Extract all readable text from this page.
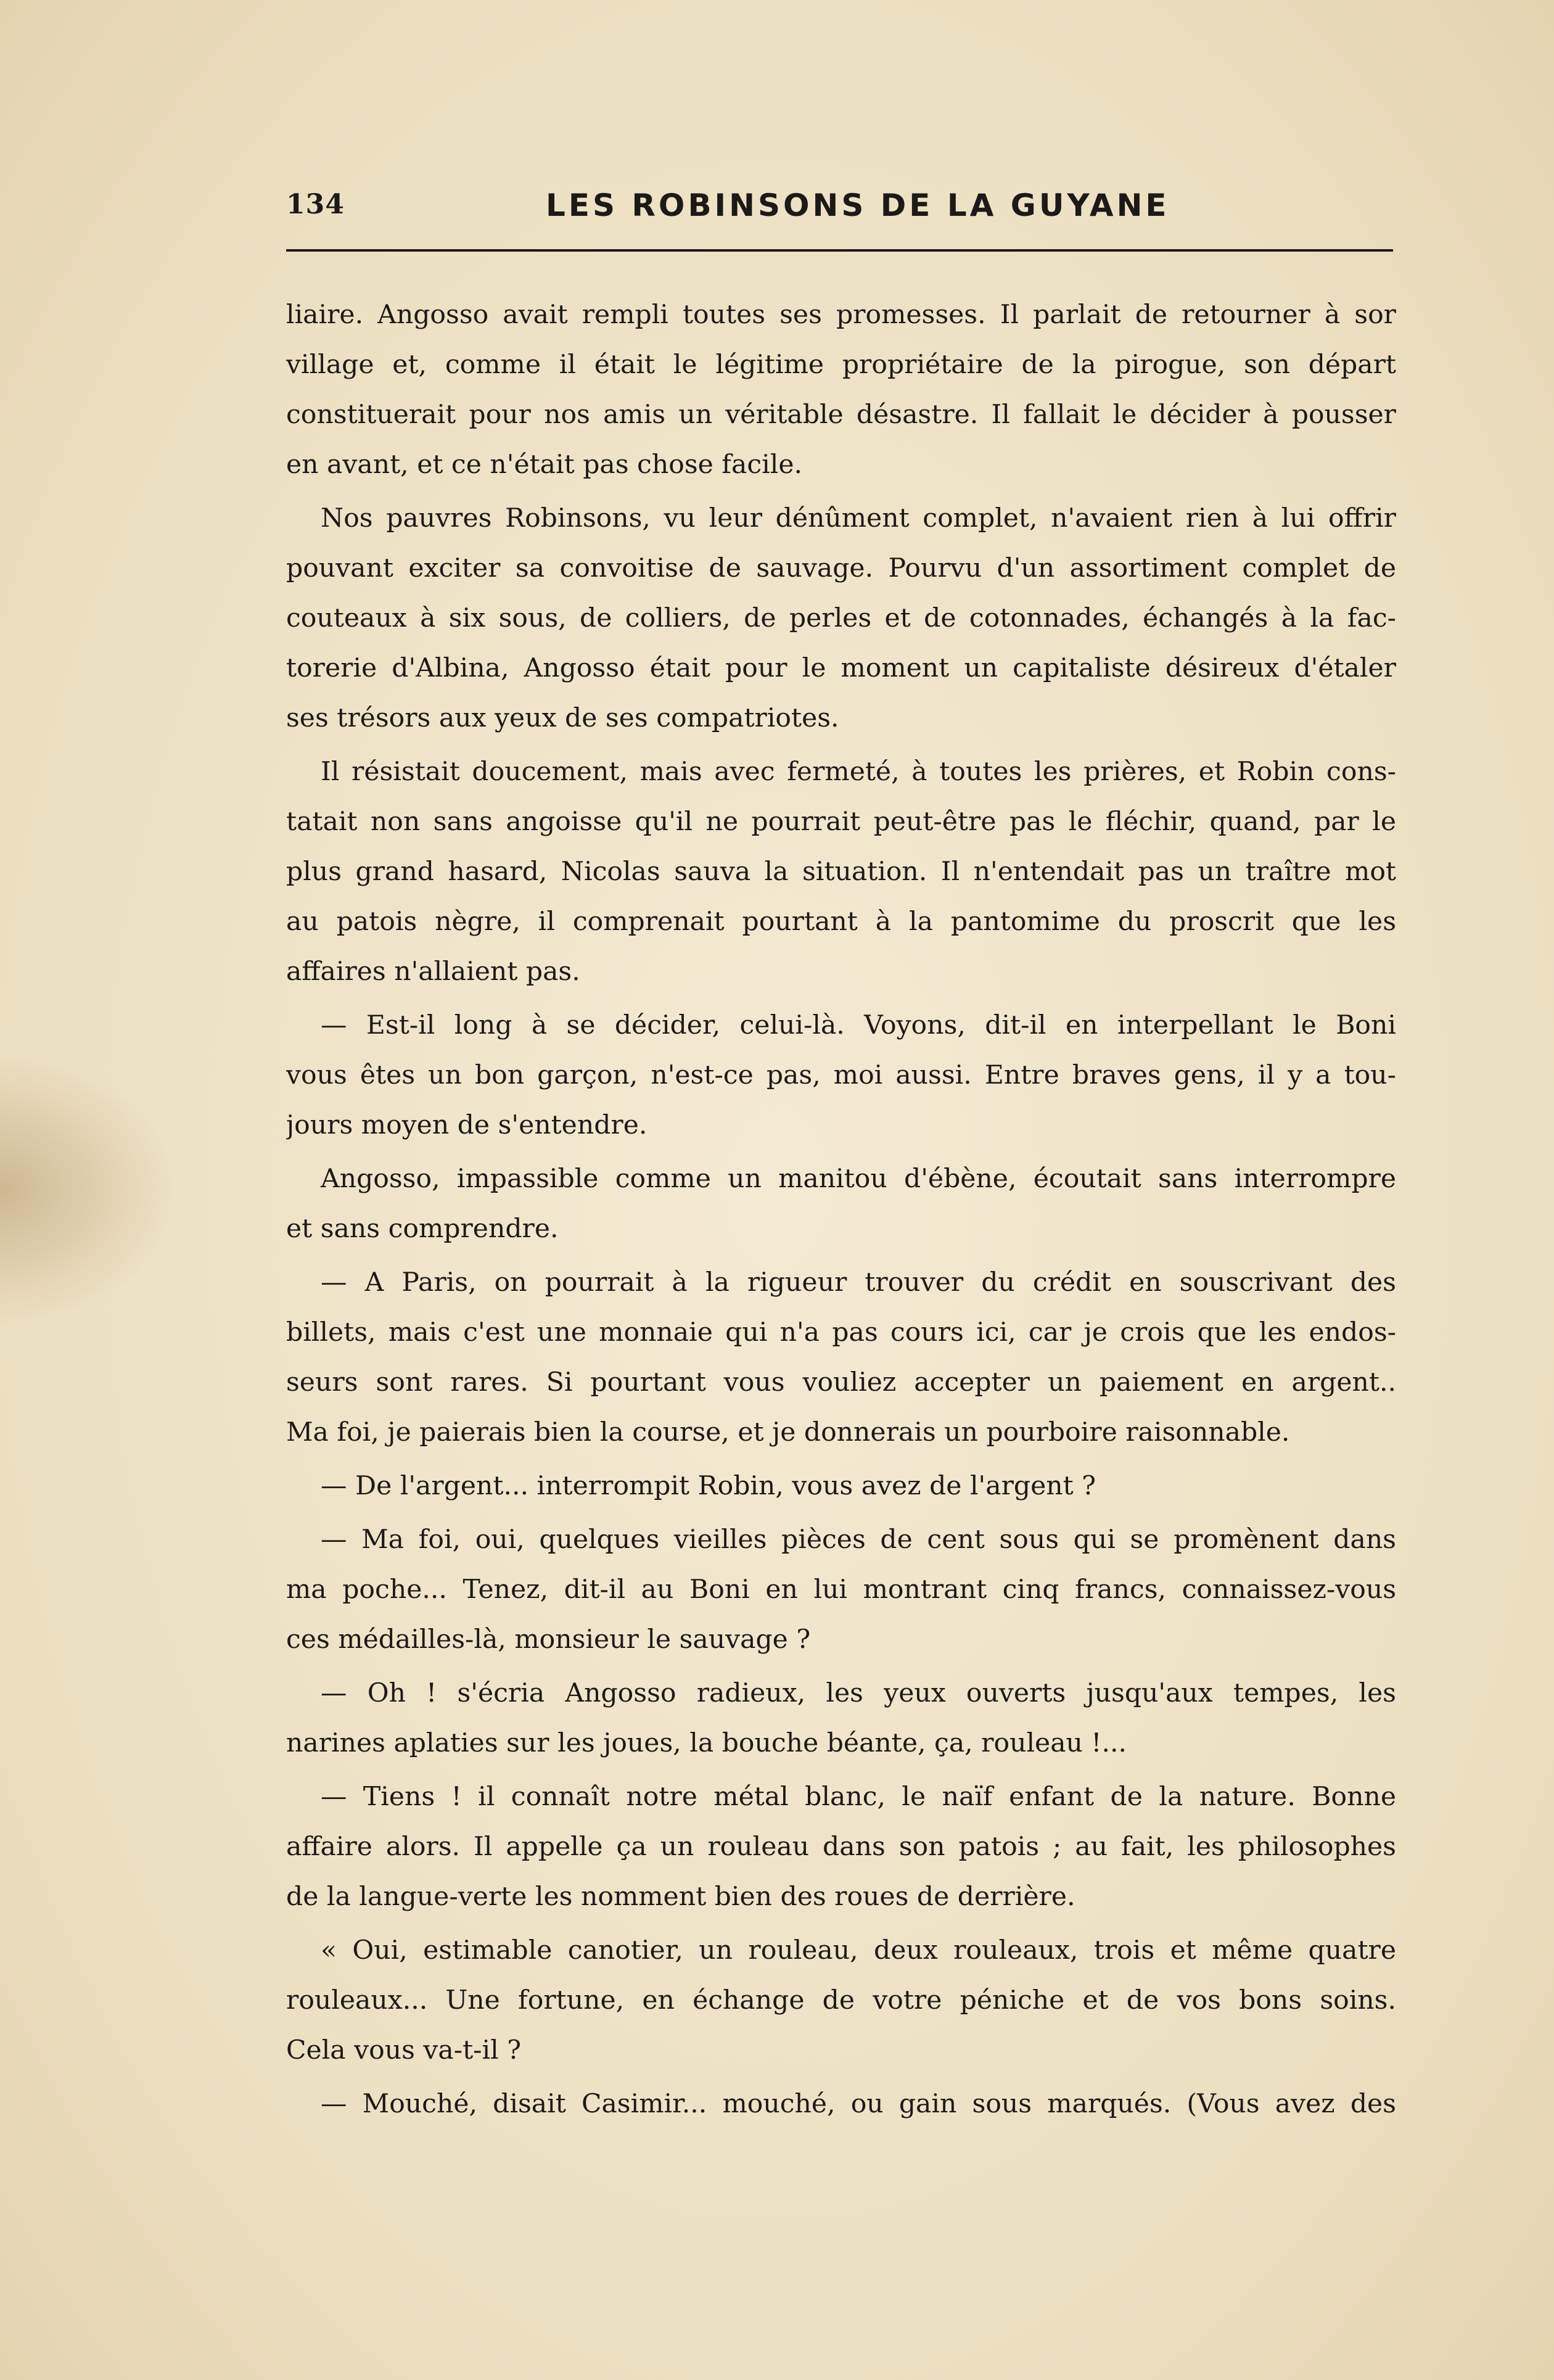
134	LES ROBINSONS DE LA GUYANE
liaire. Angosso avait rempli toutes ses promesses. Il parlait de retourner à sor
village et, comme il était le légitime propriétaire de la pirogue, son départ
constituerait pour nos amis un véritable désastre. Il fallait le décider à pousser
en avant, et ce n'était pas chose facile.
Nos pauvres Robinsons, vu leur dénûment complet, n'avaient rien à lui offrir
pouvant exciter sa convoitise de sauvage. Pourvu d'un assortiment complet de
couteaux à six sous, de colliers, de perles et de cotonnades, échangés à la fac-
torerie d'Albina, Angosso était pour le moment un capitaliste désireux d'étaler
ses trésors aux yeux de ses compatriotes.
Il résistait doucement, mais avec fermeté, à toutes les prières, et Robin cons-
tatait non sans angoisse qu'il ne pourrait peut-être pas le fléchir, quand, par le
plus grand hasard, Nicolas sauva la situation. Il n'entendait pas un traître mot
au patois nègre, il comprenait pourtant à la pantomime du proscrit que les
affaires n'allaient pas.
— Est-il long à se décider, celui-là. Voyons, dit-il en interpellant le Boni
vous êtes un bon garçon, n'est-ce pas, moi aussi. Entre braves gens, il y a tou-
jours moyen de s'entendre.
Angosso, impassible comme un manitou d'ébène, écoutait sans interrompre
et sans comprendre.
— A Paris, on pourrait à la rigueur trouver du crédit en souscrivant des
billets, mais c'est une monnaie qui n'a pas cours ici, car je crois que les endos-
seurs sont rares. Si pourtant vous vouliez accepter un paiement en argent..
Ma foi, je paierais bien la course, et je donnerais un pourboire raisonnable.
— De l'argent... interrompit Robin, vous avez de l'argent ?
— Ma foi, oui, quelques vieilles pièces de cent sous qui se promènent dans
ma poche... Tenez, dit-il au Boni en lui montrant cinq francs, connaissez-vous
ces médailles-là, monsieur le sauvage ?
— Oh ! s'écria Angosso radieux, les yeux ouverts jusqu'aux tempes, les
narines aplaties sur les joues, la bouche béante, ça, rouleau !...
— Tiens ! il connaît notre métal blanc, le naïf enfant de la nature. Bonne
affaire alors. Il appelle ça un rouleau dans son patois ; au fait, les philosophes
de la langue-verte les nomment bien des roues de derrière.
« Oui, estimable canotier, un rouleau, deux rouleaux, trois et même quatre
rouleaux... Une fortune, en échange de votre péniche et de vos bons soins.
Cela vous va-t-il ?
— Mouché, disait Casimir... mouché, ou gain sous marqués. (Vous avez des
